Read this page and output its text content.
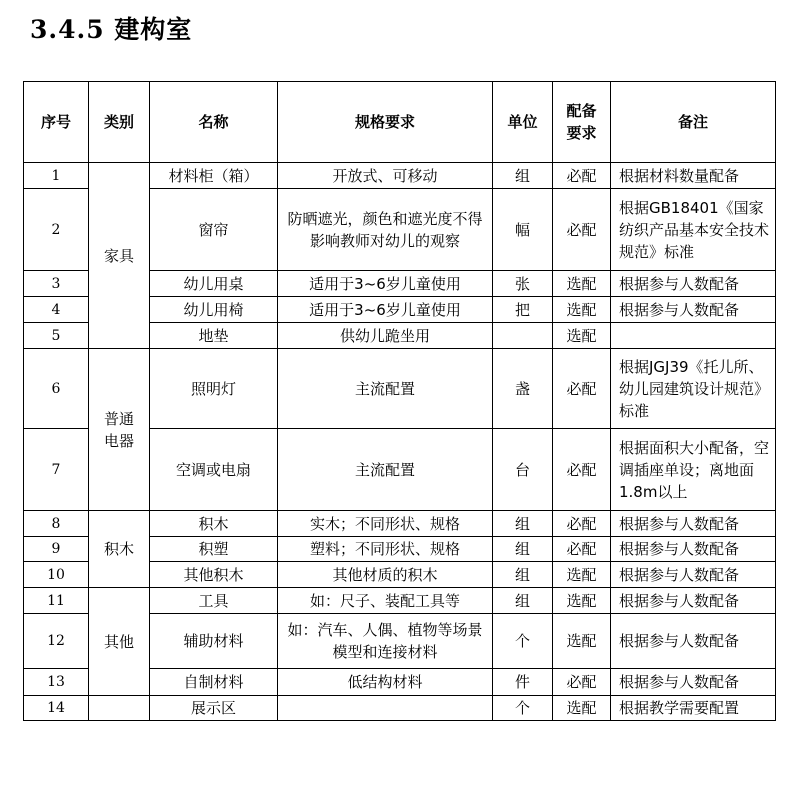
3.4.5 建构室
序号	类别	名称	规格要求	单位	配备要求	备注
1	家具	材料柜（箱）	开放式、可移动	组	必配	根据材料数量配备
2		窗帘	防晒遮光，颜色和遮光度不得影响教师对幼儿的观察	幅	必配	根据GB18401《国家纺织产品基本安全技术规范》标准
3		幼儿用桌	适用于3~6岁儿童使用	张	选配	根据参与人数配备
4		幼儿用椅	适用于3~6岁儿童使用	把	选配	根据参与人数配备
5		地垫	供幼儿跪坐用		选配	
6	普通电器	照明灯	主流配置	盏	必配	根据JGJ39《托儿所、幼儿园建筑设计规范》标准
7		空调或电扇	主流配置	台	必配	根据面积大小配备，空调插座单设；离地面1.8m以上
8	积木	积木	实木；不同形状、规格	组	必配	根据参与人数配备
9		积塑	塑料；不同形状、规格	组	必配	根据参与人数配备
10		其他积木	其他材质的积木	组	选配	根据参与人数配备
11	其他	工具	如：尺子、装配工具等	组	选配	根据参与人数配备
12		辅助材料	如：汽车、人偶、植物等场景模型和连接材料	个	选配	根据参与人数配备
13		自制材料	低结构材料	件	必配	根据参与人数配备
14		展示区		个	选配	根据教学需要配置
